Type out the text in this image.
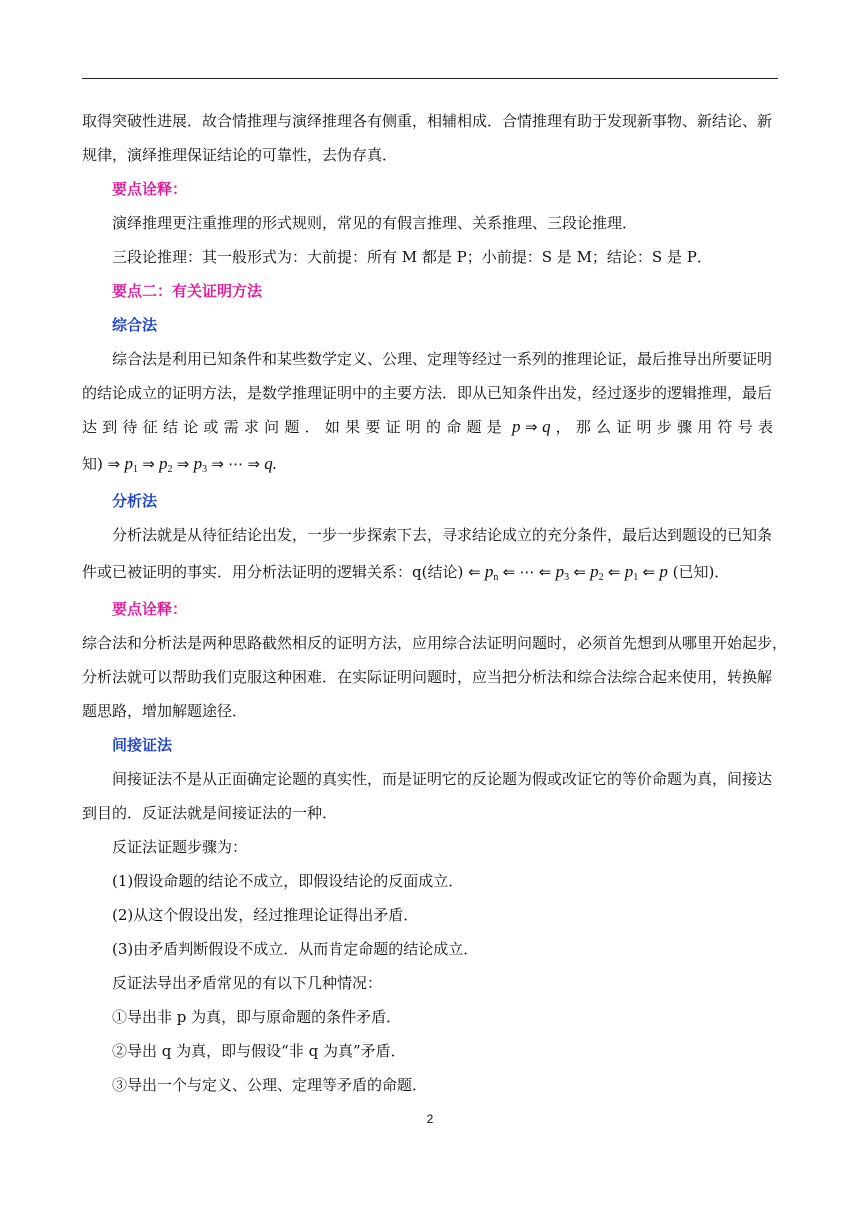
取得突破性进展．故合情推理与演绎推理各有侧重，相辅相成．合情推理有助于发现新事物、新结论、新
规律，演绎推理保证结论的可靠性，去伪存真．
要点诠释：
演绎推理更注重推理的形式规则，常见的有假言推理、关系推理、三段论推理．
三段论推理：其一般形式为：大前提：所有 M 都是 P；小前提：S 是 M；结论：S 是 P．
要点二：有关证明方法
综合法
综合法是利用已知条件和某些数学定义、公理、定理等经过一系列的推理论证，最后推导出所要证明
的结论成立的证明方法，是数学推理证明中的主要方法．即从已知条件出发，经过逐步的逻辑推理，最后
达到待征结论或需求问题．如果要证明的命题是 p ⇒ q ，那么证明步骤用符号表
知) ⇒ $p_1$ ⇒ $p_2$ ⇒ $p_3$ ⇒ ⋯ ⇒ q.
分析法
分析法就是从待征结论出发，一步一步探索下去，寻求结论成立的充分条件，最后达到题设的已知条
件或已被证明的事实．用分析法证明的逻辑关系：q(结论) ⇐ $p_n$ ⇐ ⋯ ⇐ $p_3$ ⇐ $p_2$ ⇐ $p_1$ ⇐ p (已知)．
要点诠释：
综合法和分析法是两种思路截然相反的证明方法，应用综合法证明问题时，必须首先想到从哪里开始起步，
分析法就可以帮助我们克服这种困难．在实际证明问题时，应当把分析法和综合法综合起来使用，转换解
题思路，增加解题途径．
间接证法
间接证法不是从正面确定论题的真实性，而是证明它的反论题为假或改证它的等价命题为真，间接达
到目的．反证法就是间接证法的一种．
反证法证题步骤为：
(1)假设命题的结论不成立，即假设结论的反面成立．
(2)从这个假设出发，经过推理论证得出矛盾．
(3)由矛盾判断假设不成立．从而肯定命题的结论成立．
反证法导出矛盾常见的有以下几种情况：
①导出非 p 为真，即与原命题的条件矛盾．
②导出 q 为真，即与假设“非 q 为真”矛盾．
③导出一个与定义、公理、定理等矛盾的命题．
2
